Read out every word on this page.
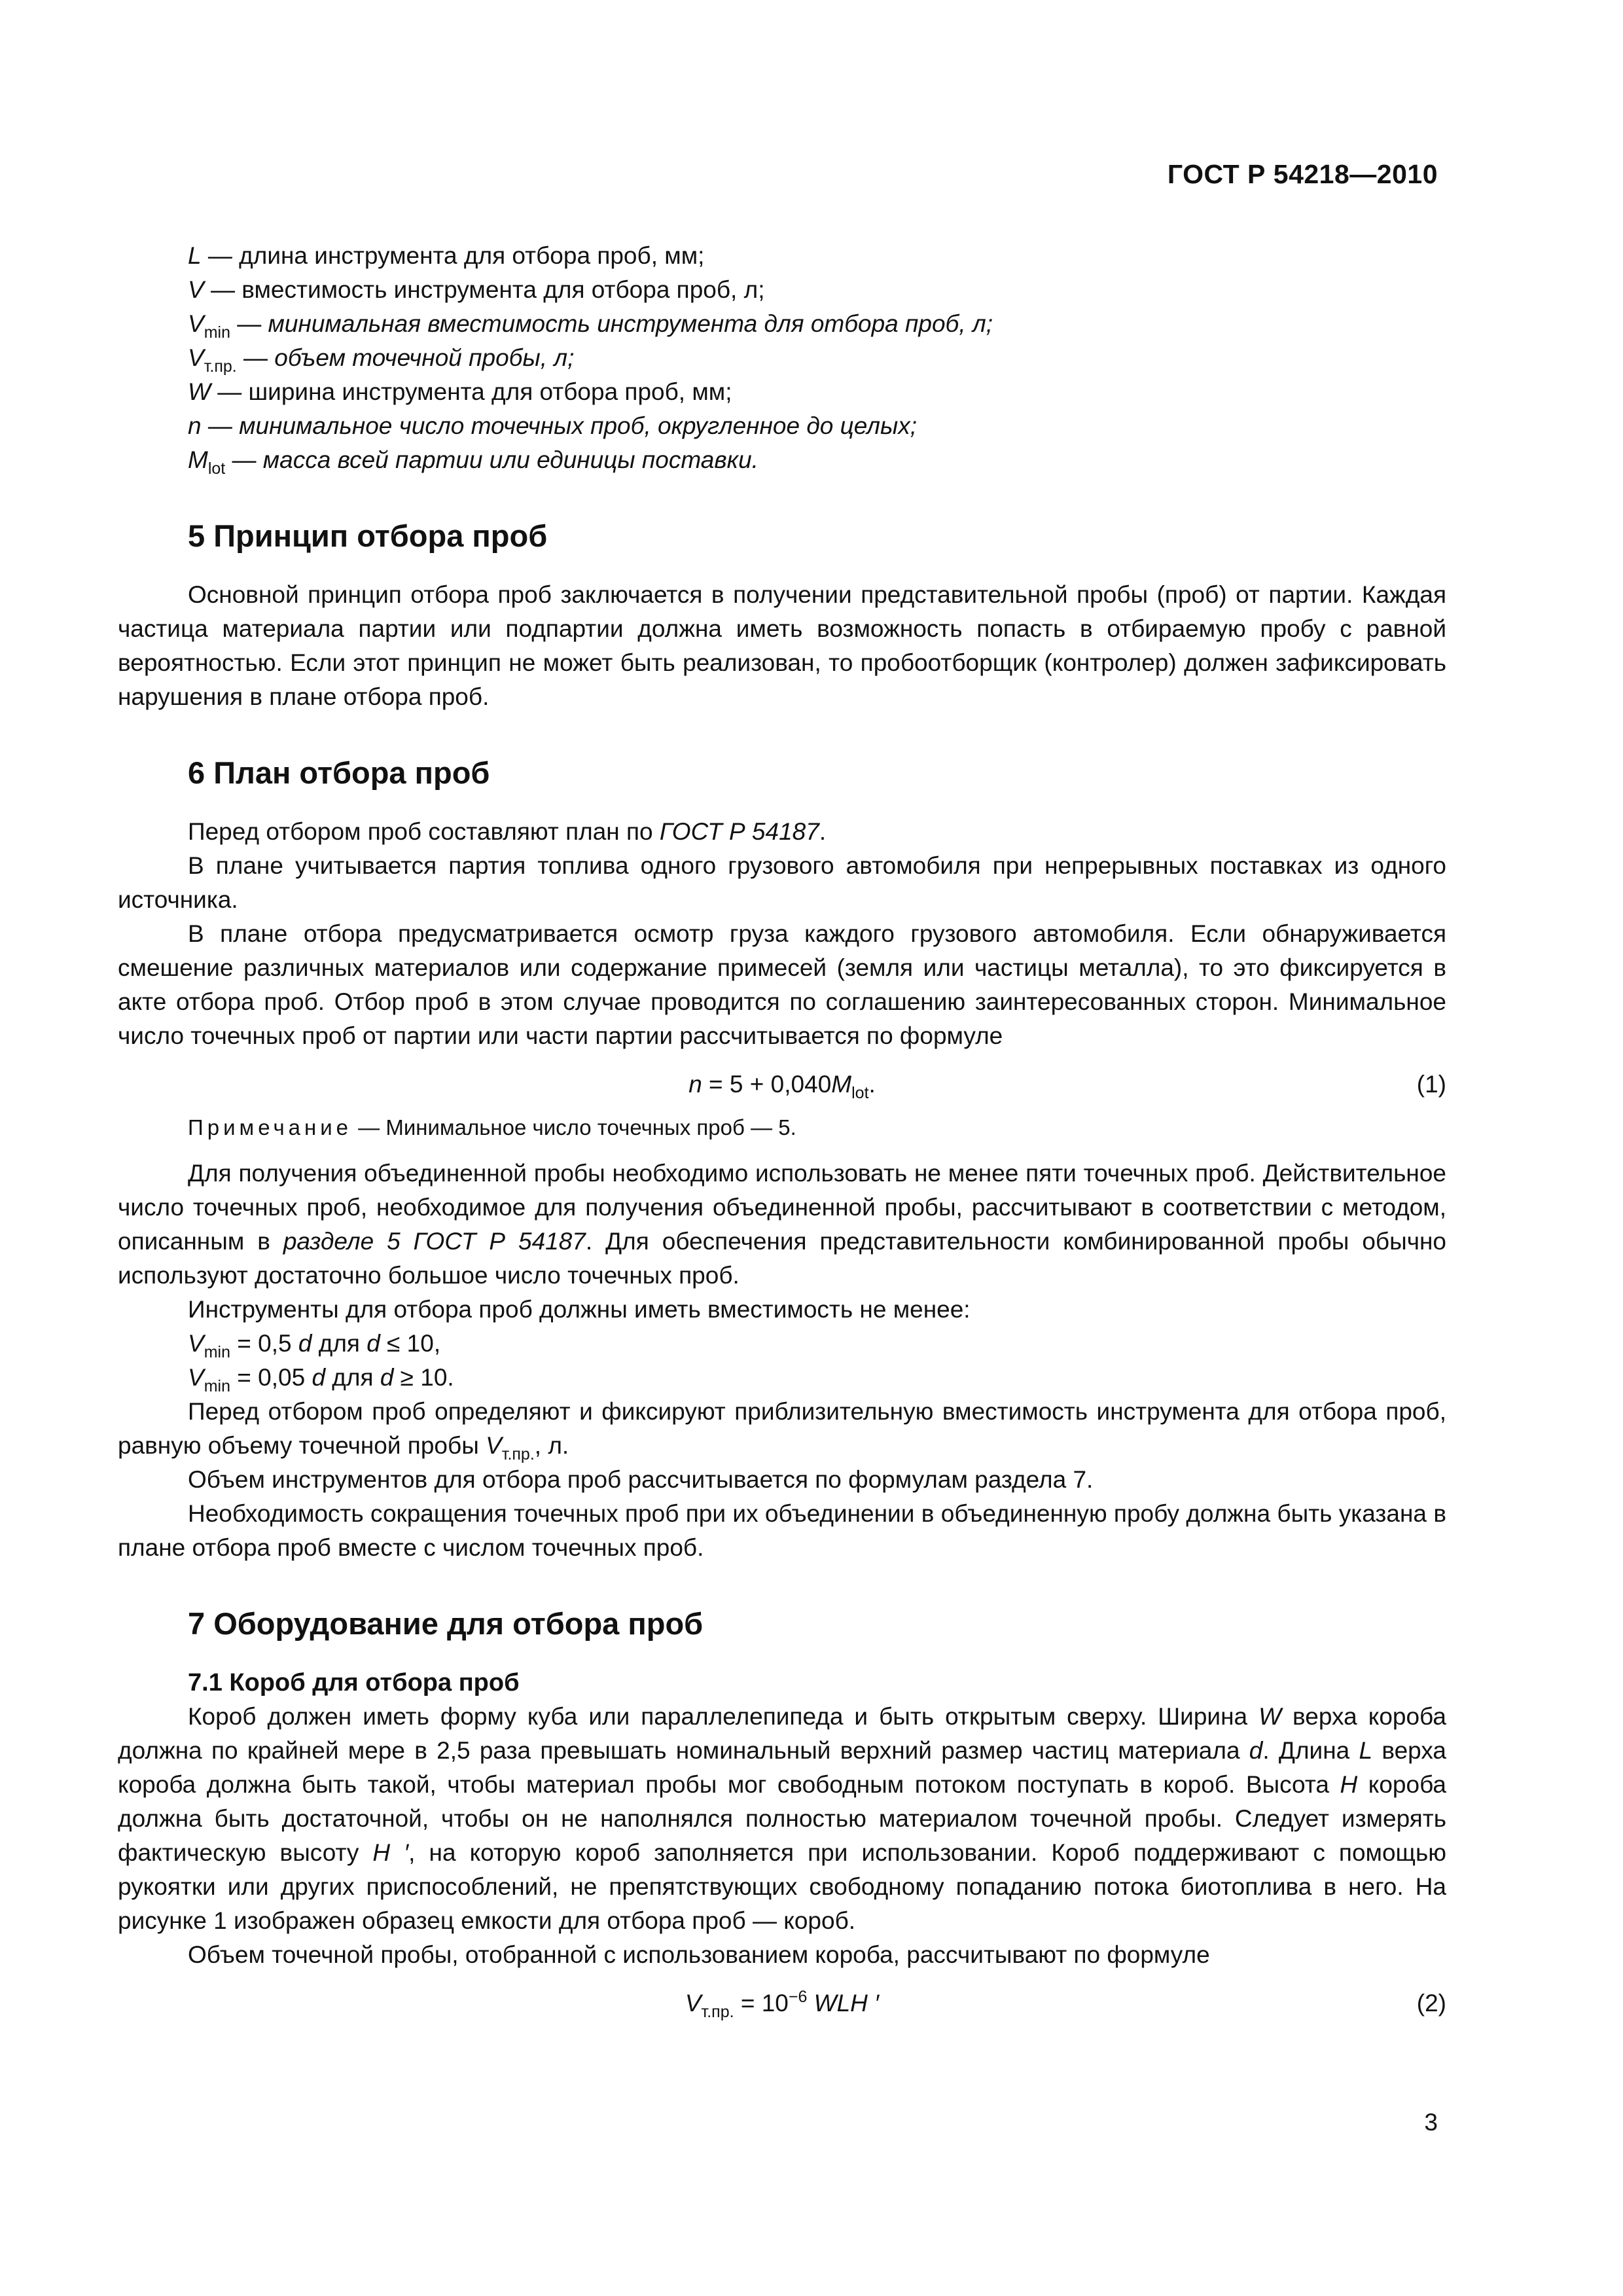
ГОСТ Р 54218—2010
L — длина инструмента для отбора проб, мм;
V — вместимость инструмента для отбора проб, л;
$V_{min}$ — минимальная вместимость инструмента для отбора проб, л;
$V_{т.пр.}$ — объем точечной пробы, л;
W — ширина инструмента для отбора проб, мм;
n — минимальное число точечных проб, округленное до целых;
$M_{lot}$ — масса всей партии или единицы поставки.
5 Принцип отбора проб

Основной принцип отбора проб заключается в получении представительной пробы (проб) от партии. Каждая частица материала партии или подпартии должна иметь возможность попасть в отбираемую пробу с равной вероятностью. Если этот принцип не может быть реализован, то пробоотборщик (контролер) должен зафиксировать нарушения в плане отбора проб.

6 План отбора проб

Перед отбором проб составляют план по ГОСТ Р 54187.

В плане учитывается партия топлива одного грузового автомобиля при непрерывных поставках из одного источника.

В плане отбора предусматривается осмотр груза каждого грузового автомобиля. Если обнаруживается смешение различных материалов или содержание примесей (земля или частицы металла), то это фиксируется в акте отбора проб. Отбор проб в этом случае проводится по соглашению заинтересованных сторон. Минимальное число точечных проб от партии или части партии рассчитывается по формуле

$n = 5 + 0,040M_{lot}$.	(1)
Примечание — Минимальное число точечных проб — 5.

Для получения объединенной пробы необходимо использовать не менее пяти точечных проб. Действительное число точечных проб, необходимое для получения объединенной пробы, рассчитывают в соответствии с методом, описанным в разделе 5 ГОСТ Р 54187. Для обеспечения представительности комбинированной пробы обычно используют достаточно большое число точечных проб.

Инструменты для отбора проб должны иметь вместимость не менее:

$V_{min} = 0,5$ d для d ≤ 10,

$V_{min} = 0,05$ d для d ≥ 10.

Перед отбором проб определяют и фиксируют приблизительную вместимость инструмента для отбора проб, равную объему точечной пробы $V_{т.пр.}$, л.

Объем инструментов для отбора проб рассчитывается по формулам раздела 7.

Необходимость сокращения точечных проб при их объединении в объединенную пробу должна быть указана в плане отбора проб вместе с числом точечных проб.

7 Оборудование для отбора проб
7.1 Короб для отбора проб

Короб должен иметь форму куба или параллелепипеда и быть открытым сверху. Ширина W верха короба должна по крайней мере в 2,5 раза превышать номинальный верхний размер частиц материала d. Длина L верха короба должна быть такой, чтобы материал пробы мог свободным потоком поступать в короб. Высота H короба должна быть достаточной, чтобы он не наполнялся полностью материалом точечной пробы. Следует измерять фактическую высоту H ′, на которую короб заполняется при использовании. Короб поддерживают с помощью рукоятки или других приспособлений, не препятствующих свободному попаданию потока биотоплива в него. На рисунке 1 изображен образец емкости для отбора проб — короб.

Объем точечной пробы, отобранной с использованием короба, рассчитывают по формуле

$V_{т.пр.} = 10^{-6}$ WLH ′	(2)
3
